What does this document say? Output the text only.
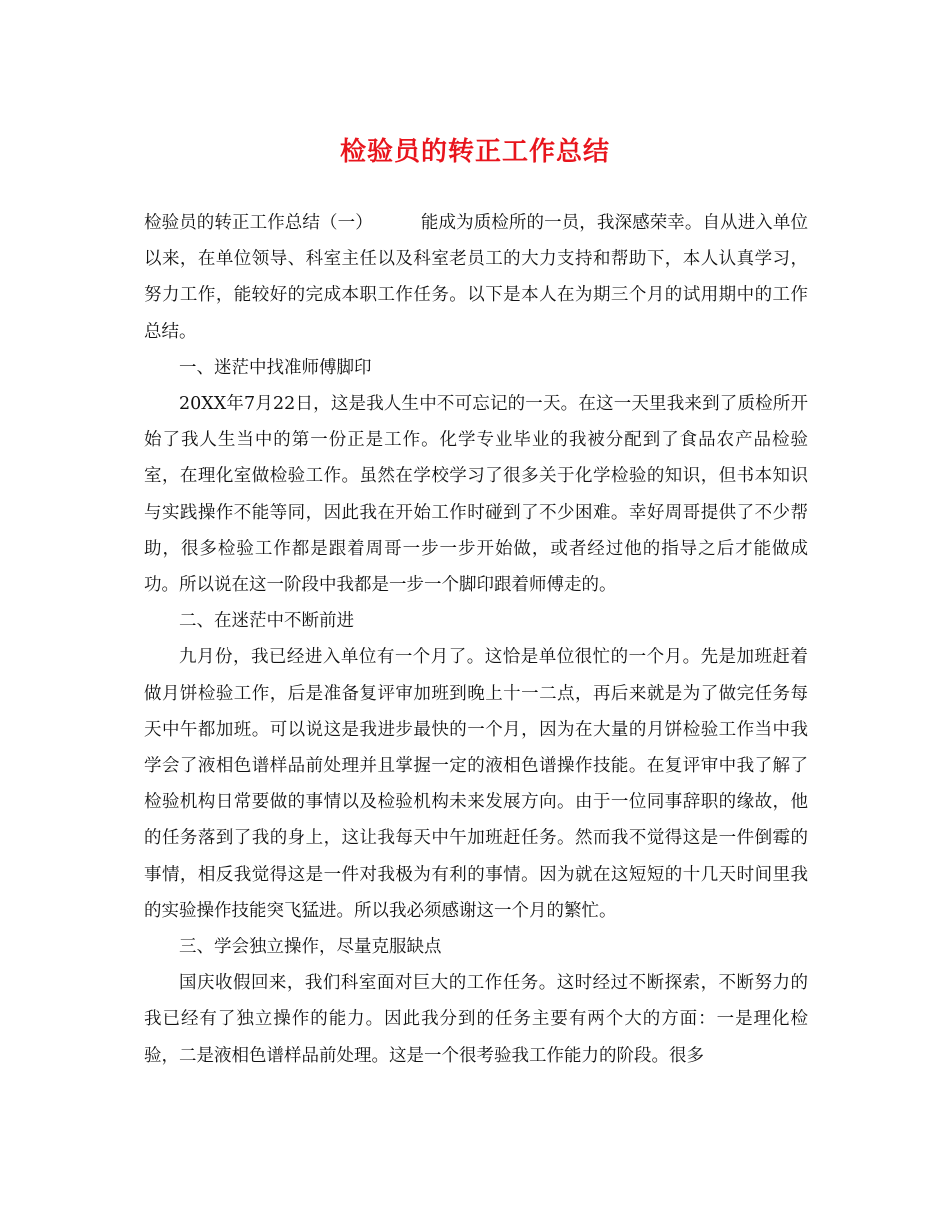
检验员的转正工作总结

检验员的转正工作总结（一）	能成为质检所的一员，我深感荣幸。自从进入单位以来，在单位领导、科室主任以及科室老员工的大力支持和帮助下，本人认真学习，努力工作，能较好的完成本职工作任务。以下是本人在为期三个月的试用期中的工作总结。

一、迷茫中找准师傅脚印

20XX年7月22日，这是我人生中不可忘记的一天。在这一天里我来到了质检所开始了我人生当中的第一份正是工作。化学专业毕业的我被分配到了食品农产品检验室，在理化室做检验工作。虽然在学校学习了很多关于化学检验的知识，但书本知识与实践操作不能等同，因此我在开始工作时碰到了不少困难。幸好周哥提供了不少帮助，很多检验工作都是跟着周哥一步一步开始做，或者经过他的指导之后才能做成功。所以说在这一阶段中我都是一步一个脚印跟着师傅走的。

二、在迷茫中不断前进

九月份，我已经进入单位有一个月了。这恰是单位很忙的一个月。先是加班赶着做月饼检验工作，后是准备复评审加班到晚上十一二点，再后来就是为了做完任务每天中午都加班。可以说这是我进步最快的一个月，因为在大量的月饼检验工作当中我学会了液相色谱样品前处理并且掌握一定的液相色谱操作技能。在复评审中我了解了检验机构日常要做的事情以及检验机构未来发展方向。由于一位同事辞职的缘故，他的任务落到了我的身上，这让我每天中午加班赶任务。然而我不觉得这是一件倒霉的事情，相反我觉得这是一件对我极为有利的事情。因为就在这短短的十几天时间里我的实验操作技能突飞猛进。所以我必须感谢这一个月的繁忙。

三、学会独立操作，尽量克服缺点

国庆收假回来，我们科室面对巨大的工作任务。这时经过不断探索，不断努力的我已经有了独立操作的能力。因此我分到的任务主要有两个大的方面：一是理化检验，二是液相色谱样品前处理。这是一个很考验我工作能力的阶段。很多
